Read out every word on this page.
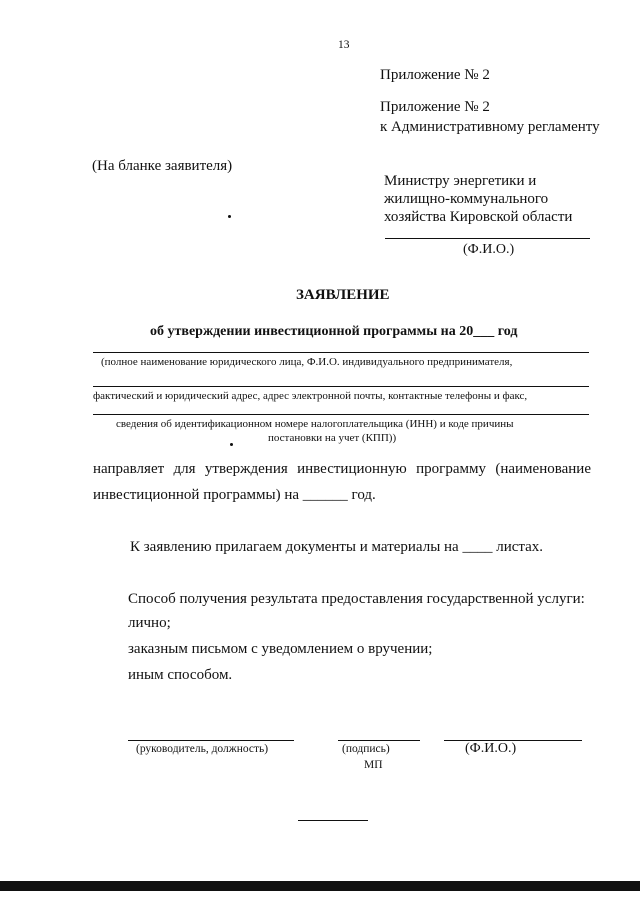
13
Приложение № 2
Приложение № 2
к Административному регламенту
(На бланке заявителя)
Министру энергетики и
жилищно-коммунального
хозяйства Кировской области
(Ф.И.О.)
ЗАЯВЛЕНИЕ
об утверждении инвестиционной программы на 20___ год
(полное наименование юридического лица, Ф.И.О. индивидуального предпринимателя,
фактический и юридический адрес, адрес электронной почты, контактные телефоны и факс,
сведения об идентификационном номере налогоплательщика (ИНН) и коде причины
постановки на учет (КПП))
направляет для утверждения инвестиционную программу (наименование
инвестиционной программы) на ______ год.
К заявлению прилагаем документы и материалы на ____ листах.
Способ получения результата предоставления государственной услуги:
лично;
заказным письмом с уведомлением о вручении;
иным способом.
(руководитель, должность)	(подпись)	(Ф.И.О.)
МП
